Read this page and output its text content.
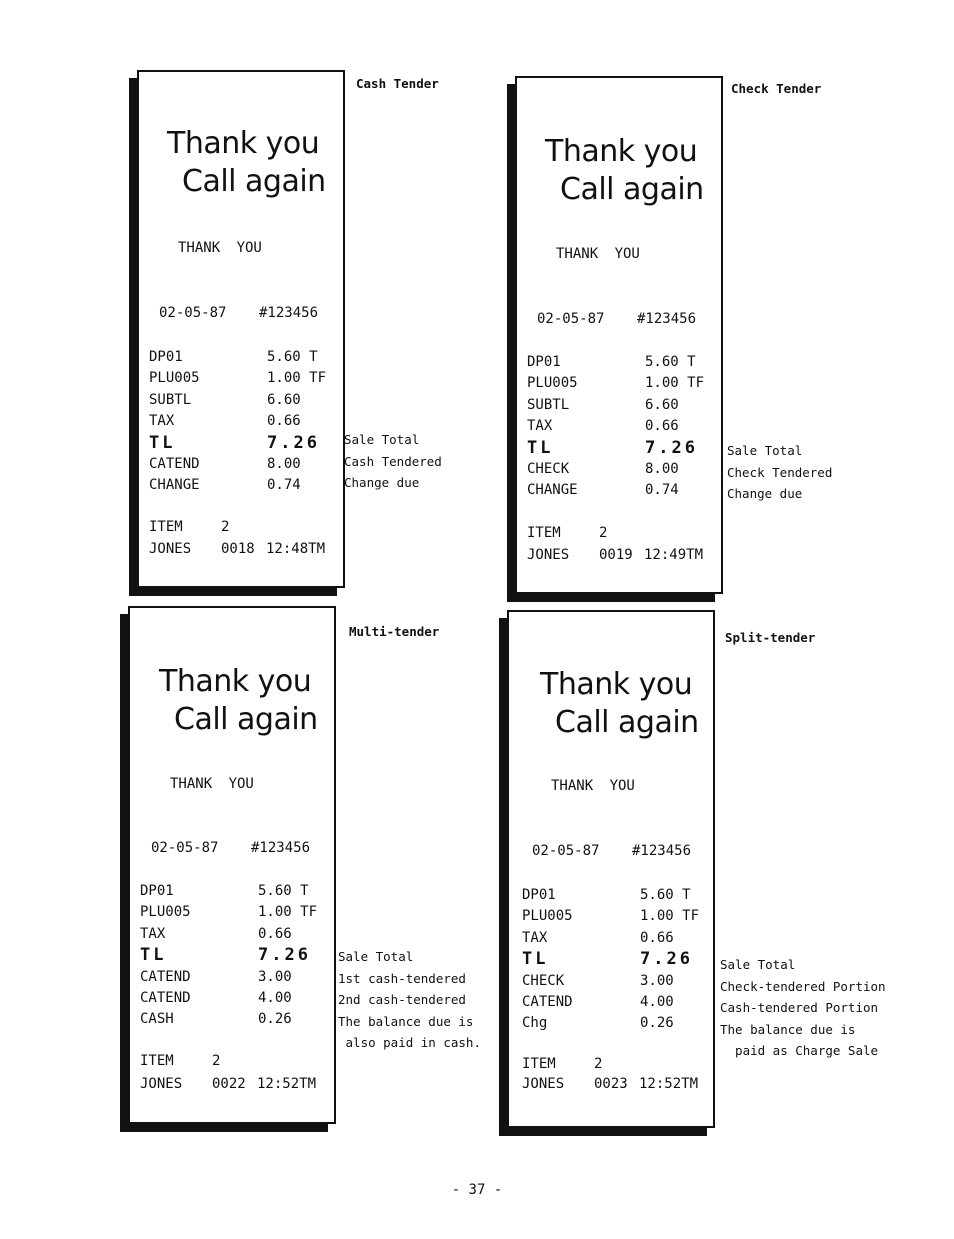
Thank you
Call again
THANK YOU
02-05-87 #123456
DP01	5.60 T
PLU005	1.00 TF
SUBTL	6.60
TAX	0.66
TL	7.26
CATEND	8.00
CHANGE	0.74
ITEM	2
JONES 0018 12:48TM
Cash Tender
Sale Total
Cash Tendered
Change due
Thank you
Call again
THANK YOU
02-05-87 #123456
DP01	5.60 T
PLU005	1.00 TF
SUBTL	6.60
TAX	0.66
TL	7.26
CHECK	8.00
CHANGE	0.74
ITEM	2
JONES 0019 12:49TM
Check Tender
Sale Total
Check Tendered
Change due
Thank you
Call again
THANK YOU
02-05-87 #123456
DP01	5.60 T
PLU005	1.00 TF
TAX	0.66
TL	7.26
CATEND	3.00
CATEND	4.00
CASH	0.26
ITEM	2
JONES 0022 12:52TM
Multi-tender
Sale Total
1st cash-tendered
2nd cash-tendered
The balance due is
also paid in cash.
Thank you
Call again
THANK YOU
02-05-87 #123456
DP01	5.60 T
PLU005	1.00 TF
TAX	0.66
TL	7.26
CHECK	3.00
CATEND	4.00
Chg	0.26
ITEM	2
JONES 0023 12:52TM
Split-tender
Sale Total
Check-tendered Portion
Cash-tendered Portion
The balance due is
paid as Charge Sale
- 37 -
